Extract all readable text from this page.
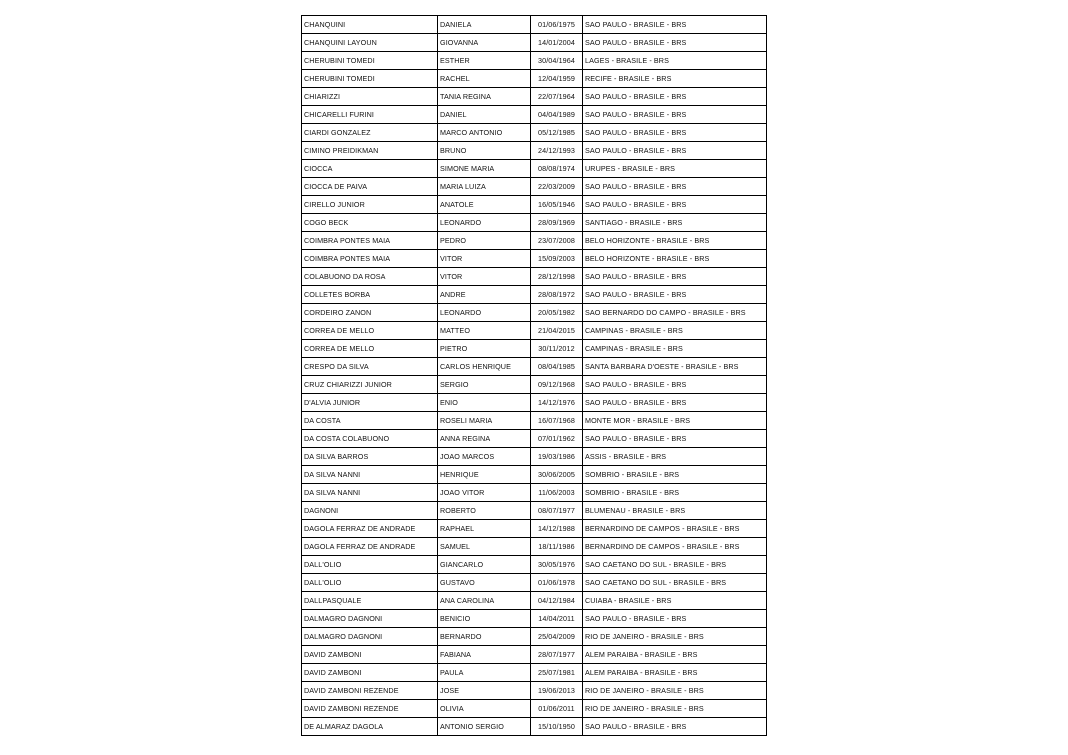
CHANQUINI	DANIELA	01/06/1975	SAO PAULO - BRASILE - BRS
CHANQUINI LAYOUN	GIOVANNA	14/01/2004	SAO PAULO - BRASILE - BRS
CHERUBINI TOMEDI	ESTHER	30/04/1964	LAGES - BRASILE - BRS
CHERUBINI TOMEDI	RACHEL	12/04/1959	RECIFE - BRASILE - BRS
CHIARIZZI	TANIA REGINA	22/07/1964	SAO PAULO - BRASILE - BRS
CHICARELLI FURINI	DANIEL	04/04/1989	SAO PAULO - BRASILE - BRS
CIARDI GONZALEZ	MARCO ANTONIO	05/12/1985	SAO PAULO - BRASILE - BRS
CIMINO PREIDIKMAN	BRUNO	24/12/1993	SAO PAULO - BRASILE - BRS
CIOCCA	SIMONE MARIA	08/08/1974	URUPES - BRASILE - BRS
CIOCCA DE PAIVA	MARIA LUIZA	22/03/2009	SAO PAULO - BRASILE - BRS
CIRELLO JUNIOR	ANATOLE	16/05/1946	SAO PAULO - BRASILE - BRS
COGO BECK	LEONARDO	28/09/1969	SANTIAGO - BRASILE - BRS
COIMBRA PONTES MAIA	PEDRO	23/07/2008	BELO HORIZONTE - BRASILE - BRS
COIMBRA PONTES MAIA	VITOR	15/09/2003	BELO HORIZONTE - BRASILE - BRS
COLABUONO DA ROSA	VITOR	28/12/1998	SAO PAULO - BRASILE - BRS
COLLETES BORBA	ANDRE	28/08/1972	SAO PAULO - BRASILE - BRS
CORDEIRO ZANON	LEONARDO	20/05/1982	SAO BERNARDO DO CAMPO - BRASILE - BRS
CORREA DE MELLO	MATTEO	21/04/2015	CAMPINAS - BRASILE - BRS
CORREA DE MELLO	PIETRO	30/11/2012	CAMPINAS - BRASILE - BRS
CRESPO DA SILVA	CARLOS HENRIQUE	08/04/1985	SANTA BARBARA D'OESTE - BRASILE - BRS
CRUZ CHIARIZZI JUNIOR	SERGIO	09/12/1968	SAO PAULO - BRASILE - BRS
D'ALVIA JUNIOR	ENIO	14/12/1976	SAO PAULO - BRASILE - BRS
DA COSTA	ROSELI MARIA	16/07/1968	MONTE MOR - BRASILE - BRS
DA COSTA COLABUONO	ANNA REGINA	07/01/1962	SAO PAULO - BRASILE - BRS
DA SILVA BARROS	JOAO MARCOS	19/03/1986	ASSIS - BRASILE - BRS
DA SILVA NANNI	HENRIQUE	30/06/2005	SOMBRIO - BRASILE - BRS
DA SILVA NANNI	JOAO VITOR	11/06/2003	SOMBRIO - BRASILE - BRS
DAGNONI	ROBERTO	08/07/1977	BLUMENAU - BRASILE - BRS
DAGOLA FERRAZ DE ANDRADE	RAPHAEL	14/12/1988	BERNARDINO DE CAMPOS - BRASILE - BRS
DAGOLA FERRAZ DE ANDRADE	SAMUEL	18/11/1986	BERNARDINO DE CAMPOS - BRASILE - BRS
DALL'OLIO	GIANCARLO	30/05/1976	SAO CAETANO DO SUL - BRASILE - BRS
DALL'OLIO	GUSTAVO	01/06/1978	SAO CAETANO DO SUL - BRASILE - BRS
DALLPASQUALE	ANA CAROLINA	04/12/1984	CUIABA - BRASILE - BRS
DALMAGRO DAGNONI	BENICIO	14/04/2011	SAO PAULO - BRASILE - BRS
DALMAGRO DAGNONI	BERNARDO	25/04/2009	RIO DE JANEIRO - BRASILE - BRS
DAVID ZAMBONI	FABIANA	28/07/1977	ALEM PARAIBA - BRASILE - BRS
DAVID ZAMBONI	PAULA	25/07/1981	ALEM PARAIBA - BRASILE - BRS
DAVID ZAMBONI REZENDE	JOSE	19/06/2013	RIO DE JANEIRO - BRASILE - BRS
DAVID ZAMBONI REZENDE	OLIVIA	01/06/2011	RIO DE JANEIRO - BRASILE - BRS
DE ALMARAZ DAGOLA	ANTONIO SERGIO	15/10/1950	SAO PAULO - BRASILE - BRS
